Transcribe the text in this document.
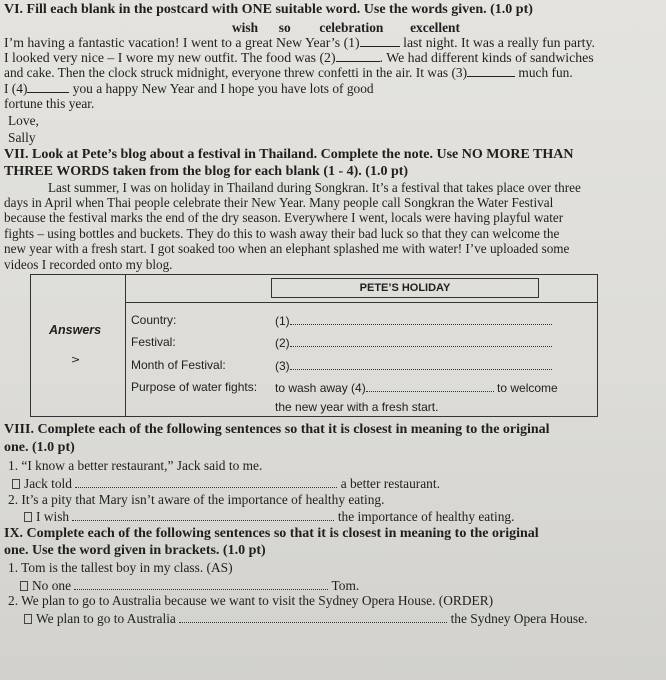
VI. Fill each blank in the postcard with ONE suitable word. Use the words given. (1.0 pt)
wish so celebration excellent
I’m having a fantastic vacation! I went to a great New Year’s (1)	last night. It was a really fun party.
I looked very nice – I wore my new outfit. The food was (2)	. We had different kinds of sandwiches
and cake. Then the clock struck midnight, everyone threw confetti in the air. It was (3)	much fun.
I (4)	you a happy New Year and I hope you have lots of good
fortune this year.
Love,
Sally
VII. Look at Pete’s blog about a festival in Thailand. Complete the note. Use NO MORE THAN
THREE WORDS taken from the blog for each blank (1 - 4). (1.0 pt)
Last summer, I was on holiday in Thailand during Songkran. It’s a festival that takes place over three
days in April when Thai people celebrate their New Year. Many people call Songkran the Water Festival
because the festival marks the end of the dry season. Everywhere I went, locals were having playful water
fights – using bottles and buckets. They do this to wash away their bad luck so that they can welcome the
new year with a fresh start. I got soaked too when an elephant splashed me with water! I’ve uploaded some
videos I recorded onto my blog.
PETE’S HOLIDAY
Answers
>
Country:	(1)
Festival:	(2)
Month of Festival:	(3)
Purpose of water fights: to wash away (4)	to welcome
the new year with a fresh start.
VIII. Complete each of the following sentences so that it is closest in meaning to the original
one. (1.0 pt)
1. “I know a better restaurant,” Jack said to me.
Jack told	a better restaurant.
2. It’s a pity that Mary isn’t aware of the importance of healthy eating.
I wish	the importance of healthy eating.
IX. Complete each of the following sentences so that it is closest in meaning to the original
one. Use the word given in brackets. (1.0 pt)
1. Tom is the tallest boy in my class. (AS)
No one	Tom.
2. We plan to go to Australia because we want to visit the Sydney Opera House. (ORDER)
We plan to go to Australia	the Sydney Opera House.
